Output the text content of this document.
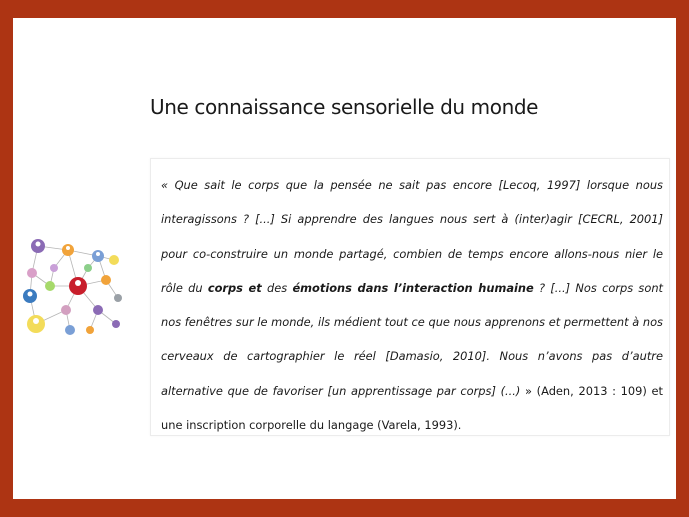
Une connaissance sensorielle du monde
« Que sait le corps que la pensée ne sait pas encore [Lecoq, 1997] lorsque nous interagissons ? [...] Si apprendre des langues nous sert à (inter)agir [CECRL, 2001] pour co-construire un monde partagé, combien de temps encore allons-nous nier le rôle du corps et des émotions dans l’interaction humaine ? [...] Nos corps sont nos fenêtres sur le monde, ils médient tout ce que nous apprenons et permettent à nos cerveaux de cartographier le réel [Damasio, 2010]. Nous n’avons pas d’autre alternative que de favoriser [un apprentissage par corps] (...) » (Aden, 2013 : 109) et une inscription corporelle du langage (Varela, 1993).
